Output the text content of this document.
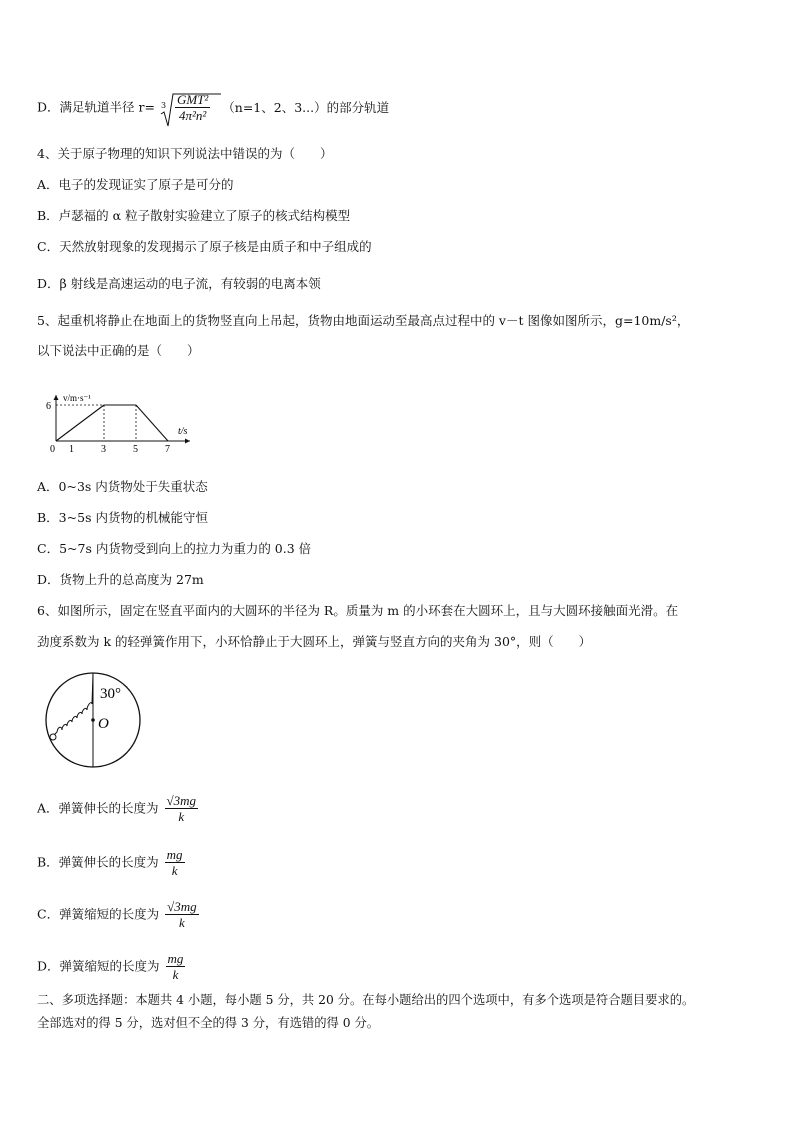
D．满足轨道半径 $r= 3 \frac{\text{GMT²}}{\text{4π²n²}} (n=1$、2、3...）的部分轨道
4、关于原子物理的知识下列说法中错误的为（　　）
A．电子的发现证实了原子是可分的
B．卢瑟福的 α 粒子散射实验建立了原子的核式结构模型
C．天然放射现象的发现揭示了原子核是由质子和中子组成的
D．β 射线是高速运动的电子流，有较弱的电离本领
5、起重机将静止在地面上的货物竖直向上吊起，货物由地面运动至最高点过程中的 v－t 图像如图所示，g=10m/s²，
以下说法中正确的是（　　）
t/s
v/m·s⁻¹
0 1	3	5	7
6
A．0~3s 内货物处于失重状态
B．3~5s 内货物的机械能守恒
C．5~7s 内货物受到向上的拉力为重力的 0.3 倍
D．货物上升的总高度为 27m
6、如图所示，固定在竖直平面内的大圆环的半径为 R。质量为 m 的小环套在大圆环上，且与大圆环接触面光滑。在
劲度系数为 k 的轻弹簧作用下，小环恰静止于大圆环上，弹簧与竖直方向的夹角为 30°，则（　　）
30°
O
A．弹簧伸长的长度为 $\frac{√3mg}{k}$
B．弹簧伸长的长度为 $\frac{mg}{k}$
C．弹簧缩短的长度为 $\frac{√3mg}{k}$
D．弹簧缩短的长度为 $\frac{mg}{k}$
二、多项选择题：本题共 4 小题，每小题 5 分，共 20 分。在每小题给出的四个选项中，有多个选项是符合题目要求的。
全部选对的得 5 分，选对但不全的得 3 分，有选错的得 0 分。
